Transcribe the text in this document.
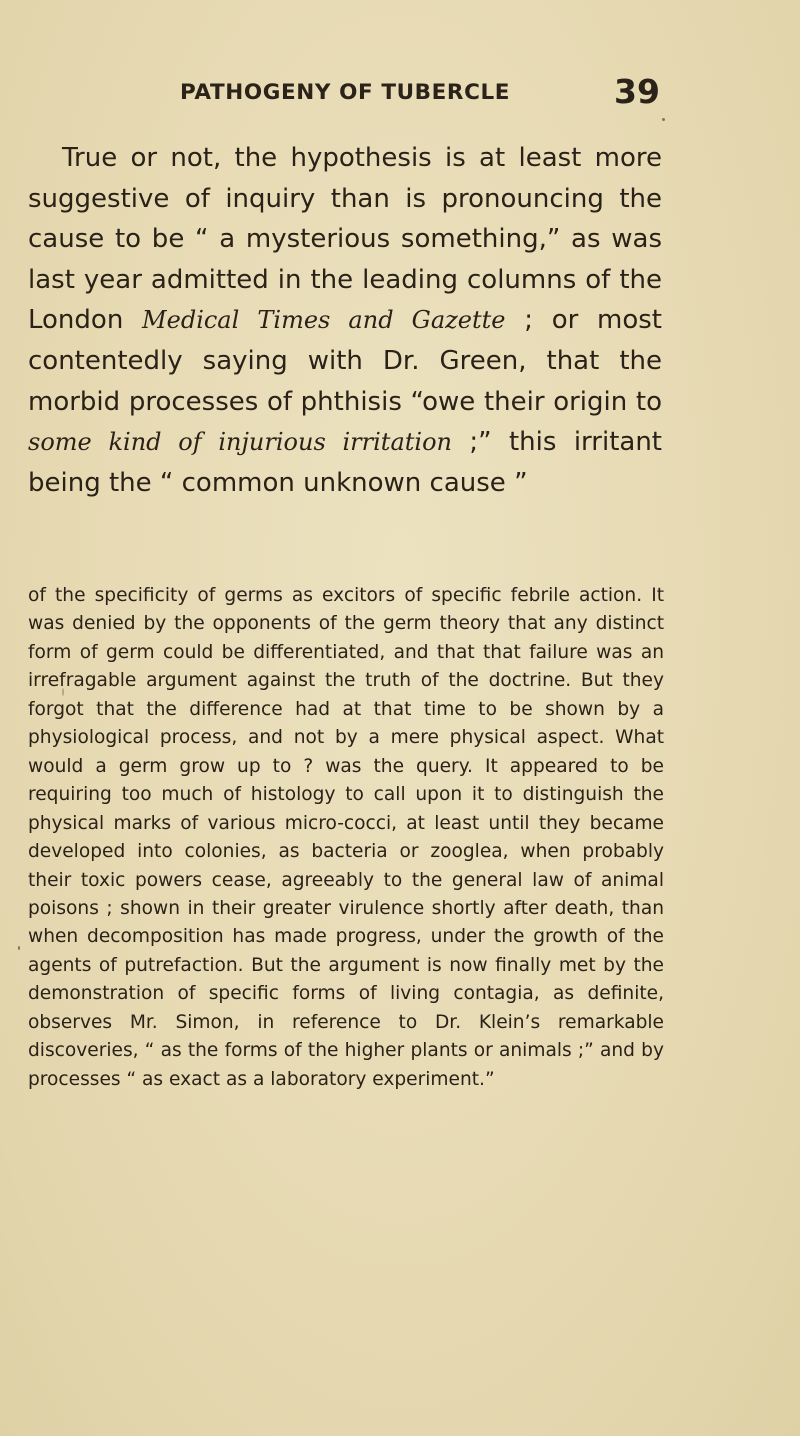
PATHOGENY OF TUBERCLE	39
True or not, the hypothesis is at least more suggestive of inquiry than is pronouncing the cause to be “ a mysterious something,” as was last year admitted in the leading columns of the London Medical Times and Gazette ; or most contentedly saying with Dr. Green, that the morbid processes of phthisis “owe their origin to some kind of injurious irritation ;” this irritant being the “ common unknown cause ”
of the specificity of germs as excitors of specific febrile action. It was denied by the opponents of the germ theory that any distinct form of germ could be differentiated, and that that failure was an irrefragable argument against the truth of the doctrine. But they forgot that the difference had at that time to be shown by a physiological process, and not by a mere physical aspect. What would a germ grow up to ? was the query. It appeared to be requiring too much of histology to call upon it to distinguish the physical marks of various micro-cocci, at least until they became developed into colonies, as bacteria or zooglea, when probably their toxic powers cease, agreeably to the general law of animal poisons ; shown in their greater virulence shortly after death, than when decomposition has made progress, under the growth of the agents of putrefaction. But the argument is now finally met by the demonstration of specific forms of living contagia, as definite, observes Mr. Simon, in reference to Dr. Klein’s remarkable discoveries, “ as the forms of the higher plants or animals ;” and by processes “ as exact as a laboratory experiment.”
